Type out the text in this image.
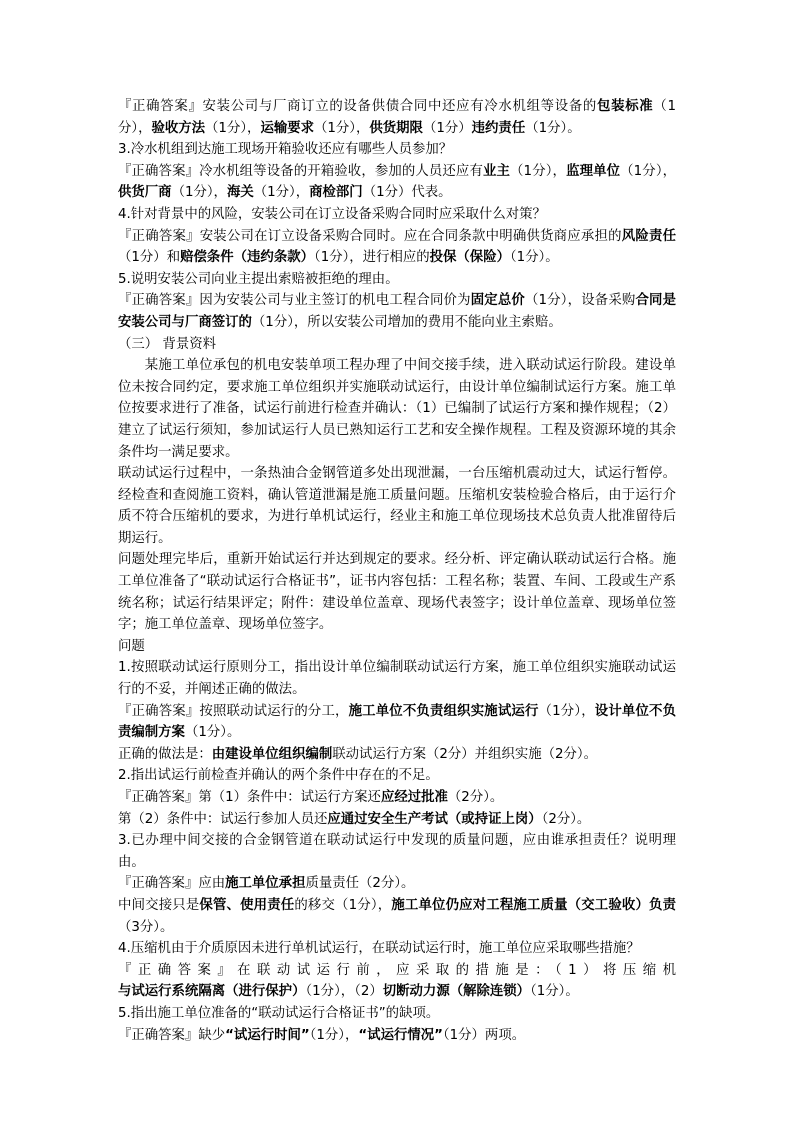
『正确答案』安装公司与厂商订立的设备供债合同中还应有冷水机组等设备的包装标准（1分），验收方法（1分），运输要求（1分），供货期限（1分）违约责任（1分）。

3.冷水机组到达施工现场开箱验收还应有哪些人员参加？

『正确答案』冷水机组等设备的开箱验收，参加的人员还应有业主（1分），监理单位（1分），供货厂商（1分），海关（1分），商检部门（1分）代表。

4.针对背景中的风险，安装公司在订立设备采购合同时应采取什么对策？

『正确答案』安装公司在订立设备采购合同时。应在合同条款中明确供货商应承担的风险责任（1分）和赔偿条件（违约条款）（1分），进行相应的投保（保险）（1分）。

5.说明安装公司向业主提出索赔被拒绝的理由。

『正确答案』因为安装公司与业主签订的机电工程合同价为固定总价（1分），设备采购合同是安装公司与厂商签订的（1分），所以安装公司增加的费用不能向业主索赔。

（三） 背景资料

某施工单位承包的机电安装单项工程办理了中间交接手续，进入联动试运行阶段。建设单位未按合同约定，要求施工单位组织并实施联动试运行，由设计单位编制试运行方案。施工单位按要求进行了准备，试运行前进行检查并确认：（1）已编制了试运行方案和操作规程；（2）建立了试运行须知，参加试运行人员已熟知运行工艺和安全操作规程。工程及资源环境的其余条件均一满足要求。

联动试运行过程中，一条热油合金钢管道多处出现泄漏，一台压缩机震动过大，试运行暂停。经检查和查阅施工资料，确认管道泄漏是施工质量问题。压缩机安装检验合格后，由于运行介质不符合压缩机的要求，为进行单机试运行，经业主和施工单位现场技术总负责人批准留待后期运行。

问题处理完毕后，重新开始试运行并达到规定的要求。经分析、评定确认联动试运行合格。施工单位准备了“联动试运行合格证书”，证书内容包括：工程名称；装置、车间、工段或生产系统名称；试运行结果评定；附件：建设单位盖章、现场代表签字；设计单位盖章、现场单位签字；施工单位盖章、现场单位签字。

问题

1.按照联动试运行原则分工，指出设计单位编制联动试运行方案，施工单位组织实施联动试运行的不妥，并阐述正确的做法。

『正确答案』按照联动试运行的分工，施工单位不负责组织实施试运行（1分），设计单位不负责编制方案（1分）。

正确的做法是：由建设单位组织编制联动试运行方案（2分）并组织实施（2分）。

2.指出试运行前检查并确认的两个条件中存在的不足。

『正确答案』第（1）条件中：试运行方案还应经过批准（2分）。

第（2）条件中：试运行参加人员还应通过安全生产考试（或持证上岗）（2分）。

3.已办理中间交接的合金钢管道在联动试运行中发现的质量问题，应由谁承担责任？说明理由。

『正确答案』应由施工单位承担质量责任（2分）。

中间交接只是保管、使用责任的移交（1分），施工单位仍应对工程施工质量（交工验收）负责（3分）。

4.压缩机由于介质原因未进行单机试运行，在联动试运行时，施工单位应采取哪些措施？

『正确答案』在联动试运行前，应采取的措施是：（1）将压缩机与试运行系统隔离（进行保护）（1分），（2）切断动力源（解除连锁）（1分）。

5.指出施工单位准备的“联动试运行合格证书”的缺项。

『正确答案』缺少“试运行时间”（1分），“试运行情况”（1分）两项。
